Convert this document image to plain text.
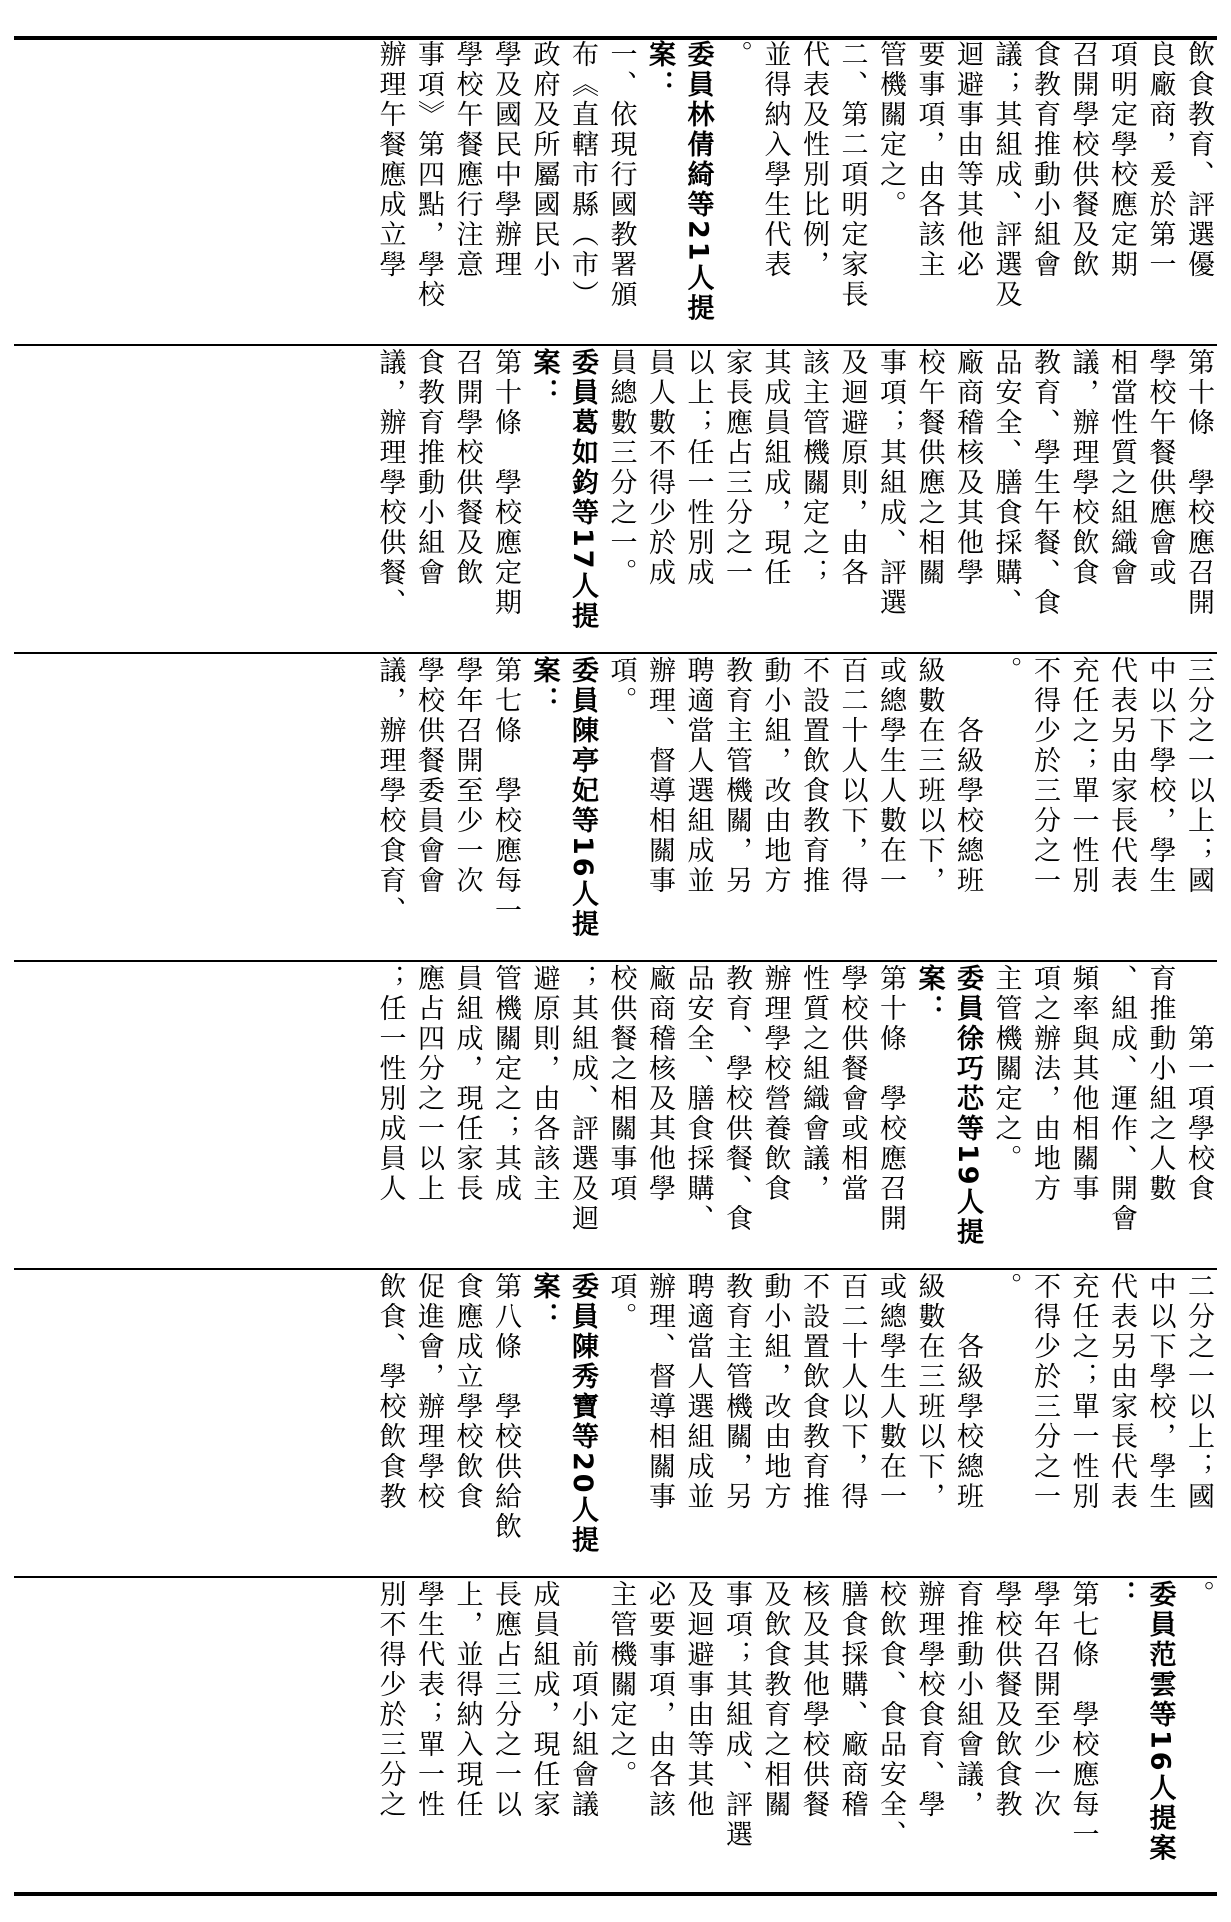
飲食教育、評選優
良廠商，爰於第一
項明定學校應定期
召開學校供餐及飲
食教育推動小組會
議；其組成、評選及
迴避事由等其他必
要事項，由各該主
管機關定之。
二、第二項明定家長
代表及性別比例，
並得納入學生代表
。
委員林倩綺等21人提
案：
一、依現行國教署頒
布《直轄市縣（市）
政府及所屬國民小
學及國民中學辦理
學校午餐應行注意
事項》第四點，學校
辦理午餐應成立學
第十條　學校應召開
學校午餐供應會或
相當性質之組織會
議，辦理學校飲食
教育、學生午餐、食
品安全、膳食採購、
廠商稽核及其他學
校午餐供應之相關
事項；其組成、評選
及迴避原則，由各
該主管機關定之；
其成員組成，現任
家長應占三分之一
以上；任一性別成
員人數不得少於成
員總數三分之一。
委員葛如鈞等17人提
案：
第十條　學校應定期
召開學校供餐及飲
食教育推動小組會
議，辦理學校供餐、
三分之一以上；國
中以下學校，學生
代表另由家長代表
充任之；單一性別
不得少於三分之一
。
　　各級學校總班
級數在三班以下，
或總學生人數在一
百二十人以下，得
不設置飲食教育推
動小組，改由地方
教育主管機關，另
聘適當人選組成並
辦理、督導相關事
項。
委員陳亭妃等16人提
案：
第七條　學校應每一
學年召開至少一次
學校供餐委員會會
議，辦理學校食育、
　　第一項學校食
育推動小組之人數
、組成、運作、開會
頻率與其他相關事
項之辦法，由地方
主管機關定之。
委員徐巧芯等19人提
案：
第十條　學校應召開
學校供餐會或相當
性質之組織會議，
辦理學校營養飲食
教育、學校供餐、食
品安全、膳食採購、
廠商稽核及其他學
校供餐之相關事項
；其組成、評選及迴
避原則，由各該主
管機關定之；其成
員組成，現任家長
應占四分之一以上
；任一性別成員人
二分之一以上；國
中以下學校，學生
代表另由家長代表
充任之；單一性別
不得少於三分之一
。
　　各級學校總班
級數在三班以下，
或總學生人數在一
百二十人以下，得
不設置飲食教育推
動小組，改由地方
教育主管機關，另
聘適當人選組成並
辦理、督導相關事
項。
委員陳秀寶等20人提
案：
第八條　學校供給飲
食應成立學校飲食
促進會，辦理學校
飲食、學校飲食教
。
委員范雲等16人提案
：
第七條　學校應每一
學年召開至少一次
學校供餐及飲食教
育推動小組會議，
辦理學校食育、學
校飲食、食品安全、
膳食採購、廠商稽
核及其他學校供餐
及飲食教育之相關
事項；其組成、評選
及迴避事由等其他
必要事項，由各該
主管機關定之。
　　前項小組會議
成員組成，現任家
長應占三分之一以
上，並得納入現任
學生代表；單一性
別不得少於三分之
